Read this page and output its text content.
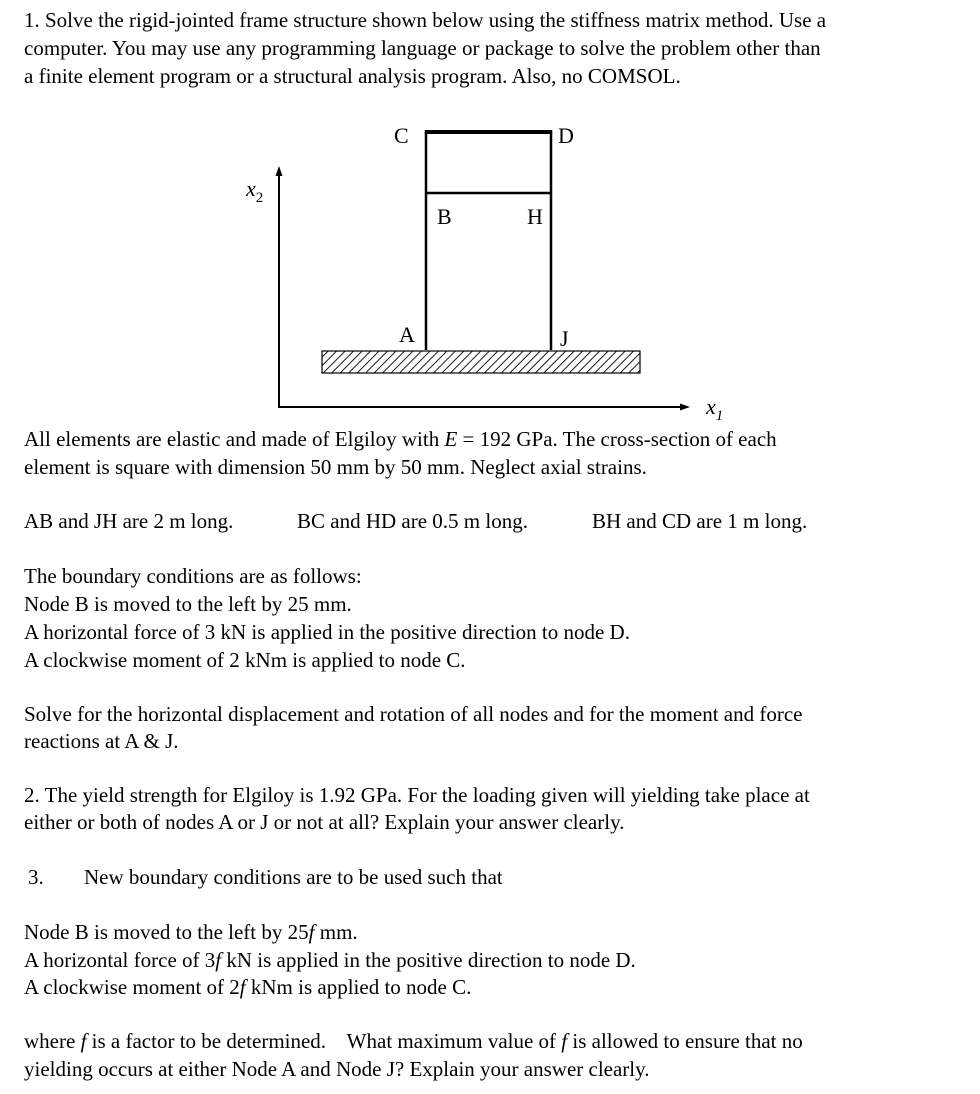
1. Solve the rigid-jointed frame structure shown below using the stiffness matrix method. Use a
computer. You may use any programming language or package to solve the problem other than
a finite element program or a structural analysis program. Also, no COMSOL.
$x_2$
$x_1$
C	D
B	H
A	J
All elements are elastic and made of Elgiloy with E = 192 GPa. The cross-section of each
element is square with dimension 50 mm by 50 mm. Neglect axial strains.
AB and JH are 2 m long.	BC and HD are 0.5 m long.	BH and CD are 1 m long.
The boundary conditions are as follows:
Node B is moved to the left by 25 mm.
A horizontal force of 3 kN is applied in the positive direction to node D.
A clockwise moment of 2 kNm is applied to node C.
Solve for the horizontal displacement and rotation of all nodes and for the moment and force
reactions at A & J.
2. The yield strength for Elgiloy is 1.92 GPa. For the loading given will yielding take place at
either or both of nodes A or J or not at all? Explain your answer clearly.
3. New boundary conditions are to be used such that
Node B is moved to the left by 25f mm.
A horizontal force of 3f kN is applied in the positive direction to node D.
A clockwise moment of 2f kNm is applied to node C.
where f is a factor to be determined.    What maximum value of f is allowed to ensure that no
yielding occurs at either Node A and Node J? Explain your answer clearly.
